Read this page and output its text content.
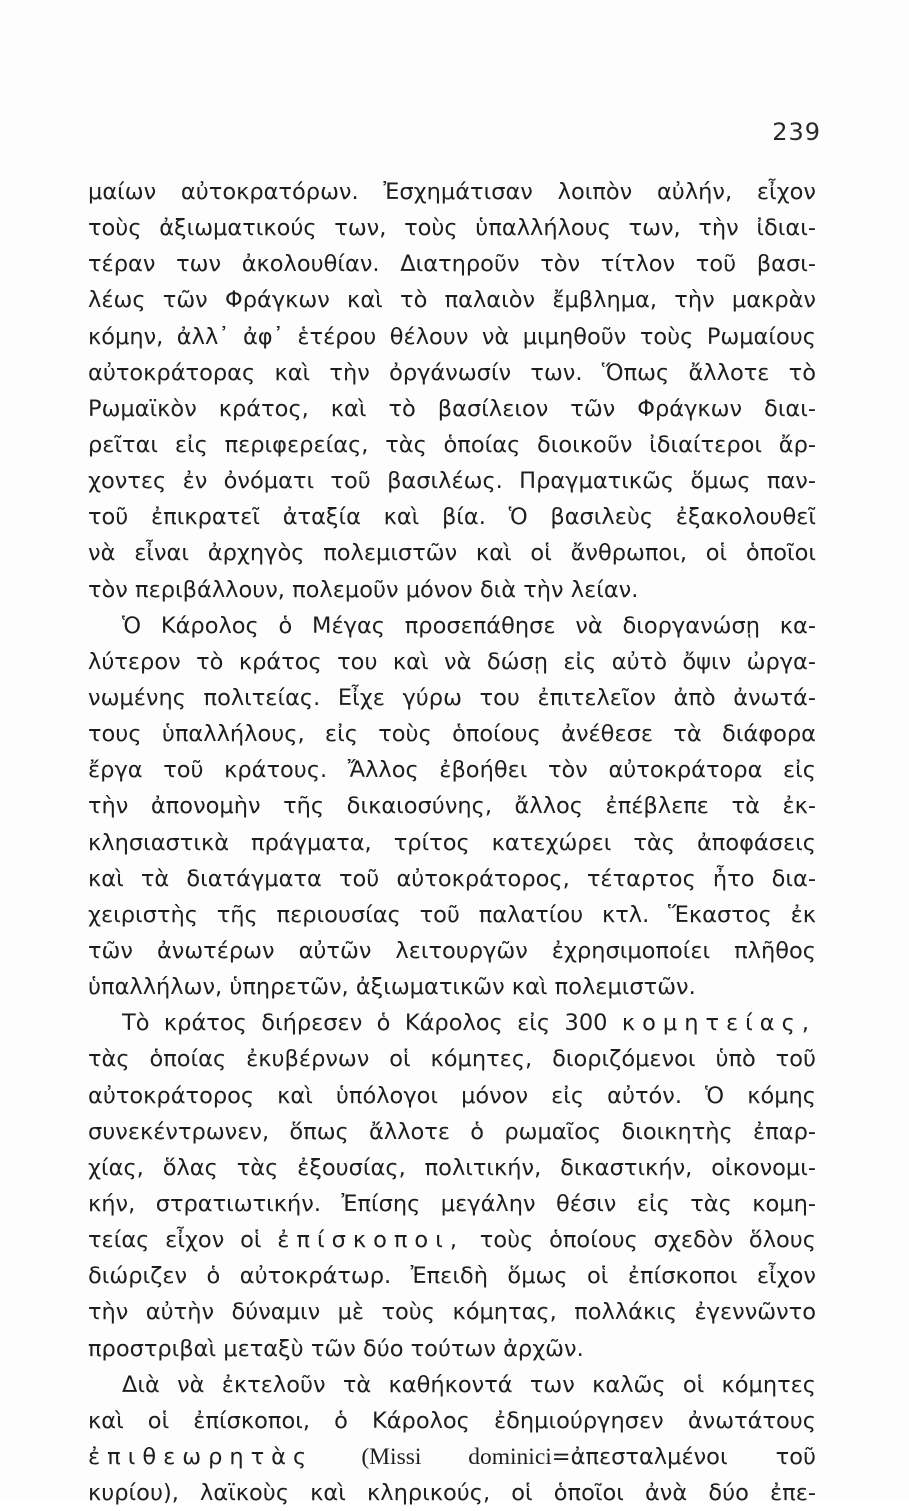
239
μαίων αὐτοκρατόρων. Ἐσχημάτισαν λοιπὸν αὐλήν, εἶχον
τοὺς ἀξιωματικούς των, τοὺς ὑπαλλήλους των, τὴν ἰδιαι-
τέραν των ἀκολουθίαν. Διατηροῦν τὸν τίτλον τοῦ βασι-
λέως τῶν Φράγκων καὶ τὸ παλαιὸν ἔμβλημα, τὴν μακρὰν
κόμην, ἀλλ᾽ ἀφ᾽ ἑτέρου θέλουν νὰ μιμηθοῦν τοὺς Ρωμαίους
αὐτοκράτορας καὶ τὴν ὀργάνωσίν των. Ὅπως ἄλλοτε τὸ
Ρωμαϊκὸν κράτος, καὶ τὸ βασίλειον τῶν Φράγκων διαι-
ρεῖται εἰς περιφερείας, τὰς ὁποίας διοικοῦν ἰδιαίτεροι ἄρ-
χοντες ἐν ὀνόματι τοῦ βασιλέως. Πραγματικῶς ὅμως παν-
τοῦ ἐπικρατεῖ ἀταξία καὶ βία. Ὁ βασιλεὺς ἐξακολουθεῖ
νὰ εἶναι ἀρχηγὸς πολεμιστῶν καὶ οἱ ἄνθρωποι, οἱ ὁποῖοι
τὸν περιβάλλουν, πολεμοῦν μόνον διὰ τὴν λείαν.
Ὁ Κάρολος ὁ Μέγας προσεπάθησε νὰ διοργανώσῃ κα-
λύτερον τὸ κράτος του καὶ νὰ δώσῃ εἰς αὐτὸ ὄψιν ὠργα-
νωμένης πολιτείας. Εἶχε γύρω του ἐπιτελεῖον ἀπὸ ἀνωτά-
τους ὑπαλλήλους, εἰς τοὺς ὁποίους ἀνέθεσε τὰ διάφορα
ἔργα τοῦ κράτους. Ἄλλος ἐβοήθει τὸν αὐτοκράτορα εἰς
τὴν ἀπονομὴν τῆς δικαιοσύνης, ἄλλος ἐπέβλεπε τὰ ἐκ-
κλησιαστικὰ πράγματα, τρίτος κατεχώρει τὰς ἀποφάσεις
καὶ τὰ διατάγματα τοῦ αὐτοκράτορος, τέταρτος ἦτο δια-
χειριστὴς τῆς περιουσίας τοῦ παλατίου κτλ. Ἕκαστος ἐκ
τῶν ἀνωτέρων αὐτῶν λειτουργῶν ἐχρησιμοποίει πλῆθος
ὑπαλλήλων, ὑπηρετῶν, ἀξιωματικῶν καὶ πολεμιστῶν.
Τὸ κράτος διήρεσεν ὁ Κάρολος εἰς 300 κομητείας,
τὰς ὁποίας ἐκυβέρνων οἱ κόμητες, διοριζόμενοι ὑπὸ τοῦ
αὐτοκράτορος καὶ ὑπόλογοι μόνον εἰς αὐτόν. Ὁ κόμης
συνεκέντρωνεν, ὅπως ἄλλοτε ὁ ρωμαῖος διοικητὴς ἐπαρ-
χίας, ὅλας τὰς ἐξουσίας, πολιτικήν, δικαστικήν, οἰκονομι-
κήν, στρατιωτικήν. Ἐπίσης μεγάλην θέσιν εἰς τὰς κομη-
τείας εἶχον οἱ ἐπίσκοποι, τοὺς ὁποίους σχεδὸν ὅλους
διώριζεν ὁ αὐτοκράτωρ. Ἐπειδὴ ὅμως οἱ ἐπίσκοποι εἶχον
τὴν αὐτὴν δύναμιν μὲ τοὺς κόμητας, πολλάκις ἐγεννῶντο
προστριβαὶ μεταξὺ τῶν δύο τούτων ἀρχῶν.
Διὰ νὰ ἐκτελοῦν τὰ καθήκοντά των καλῶς οἱ κόμητες
καὶ οἱ ἐπίσκοποι, ὁ Κάρολος ἐδημιούργησεν ἀνωτάτους
ἐπιθεωρητὰς (Missi dominici=ἀπεσταλμένοι τοῦ
κυρίου), λαϊκοὺς καὶ κληρικούς, οἱ ὁποῖοι ἀνὰ δύο ἐπε-
